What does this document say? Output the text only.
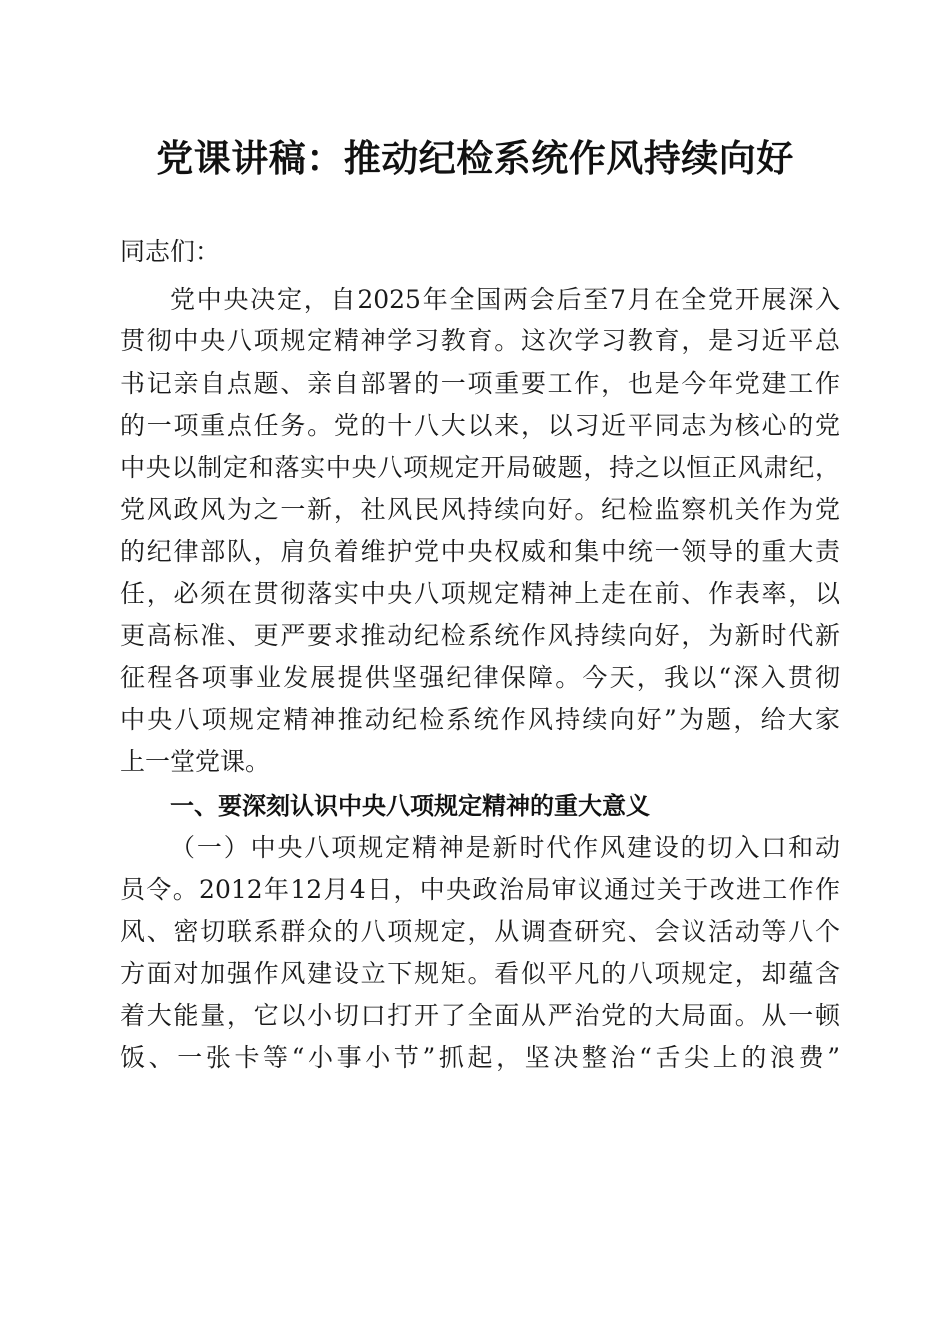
党课讲稿：推动纪检系统作风持续向好
同志们：
党中央决定，自2025年全国两会后至7月在全党开展深入
贯彻中央八项规定精神学习教育。这次学习教育，是习近平总
书记亲自点题、亲自部署的一项重要工作，也是今年党建工作
的一项重点任务。党的十八大以来，以习近平同志为核心的党
中央以制定和落实中央八项规定开局破题，持之以恒正风肃纪，
党风政风为之一新，社风民风持续向好。纪检监察机关作为党
的纪律部队，肩负着维护党中央权威和集中统一领导的重大责
任，必须在贯彻落实中央八项规定精神上走在前、作表率，以
更高标准、更严要求推动纪检系统作风持续向好，为新时代新
征程各项事业发展提供坚强纪律保障。今天，我以“深入贯彻
中央八项规定精神推动纪检系统作风持续向好”为题，给大家
上一堂党课。
一、要深刻认识中央八项规定精神的重大意义
（一）中央八项规定精神是新时代作风建设的切入口和动
员令。2012年12月4日，中央政治局审议通过关于改进工作作
风、密切联系群众的八项规定，从调查研究、会议活动等八个
方面对加强作风建设立下规矩。看似平凡的八项规定，却蕴含
着大能量，它以小切口打开了全面从严治党的大局面。从一顿
饭、一张卡等“小事小节”抓起，坚决整治“舌尖上的浪费”
